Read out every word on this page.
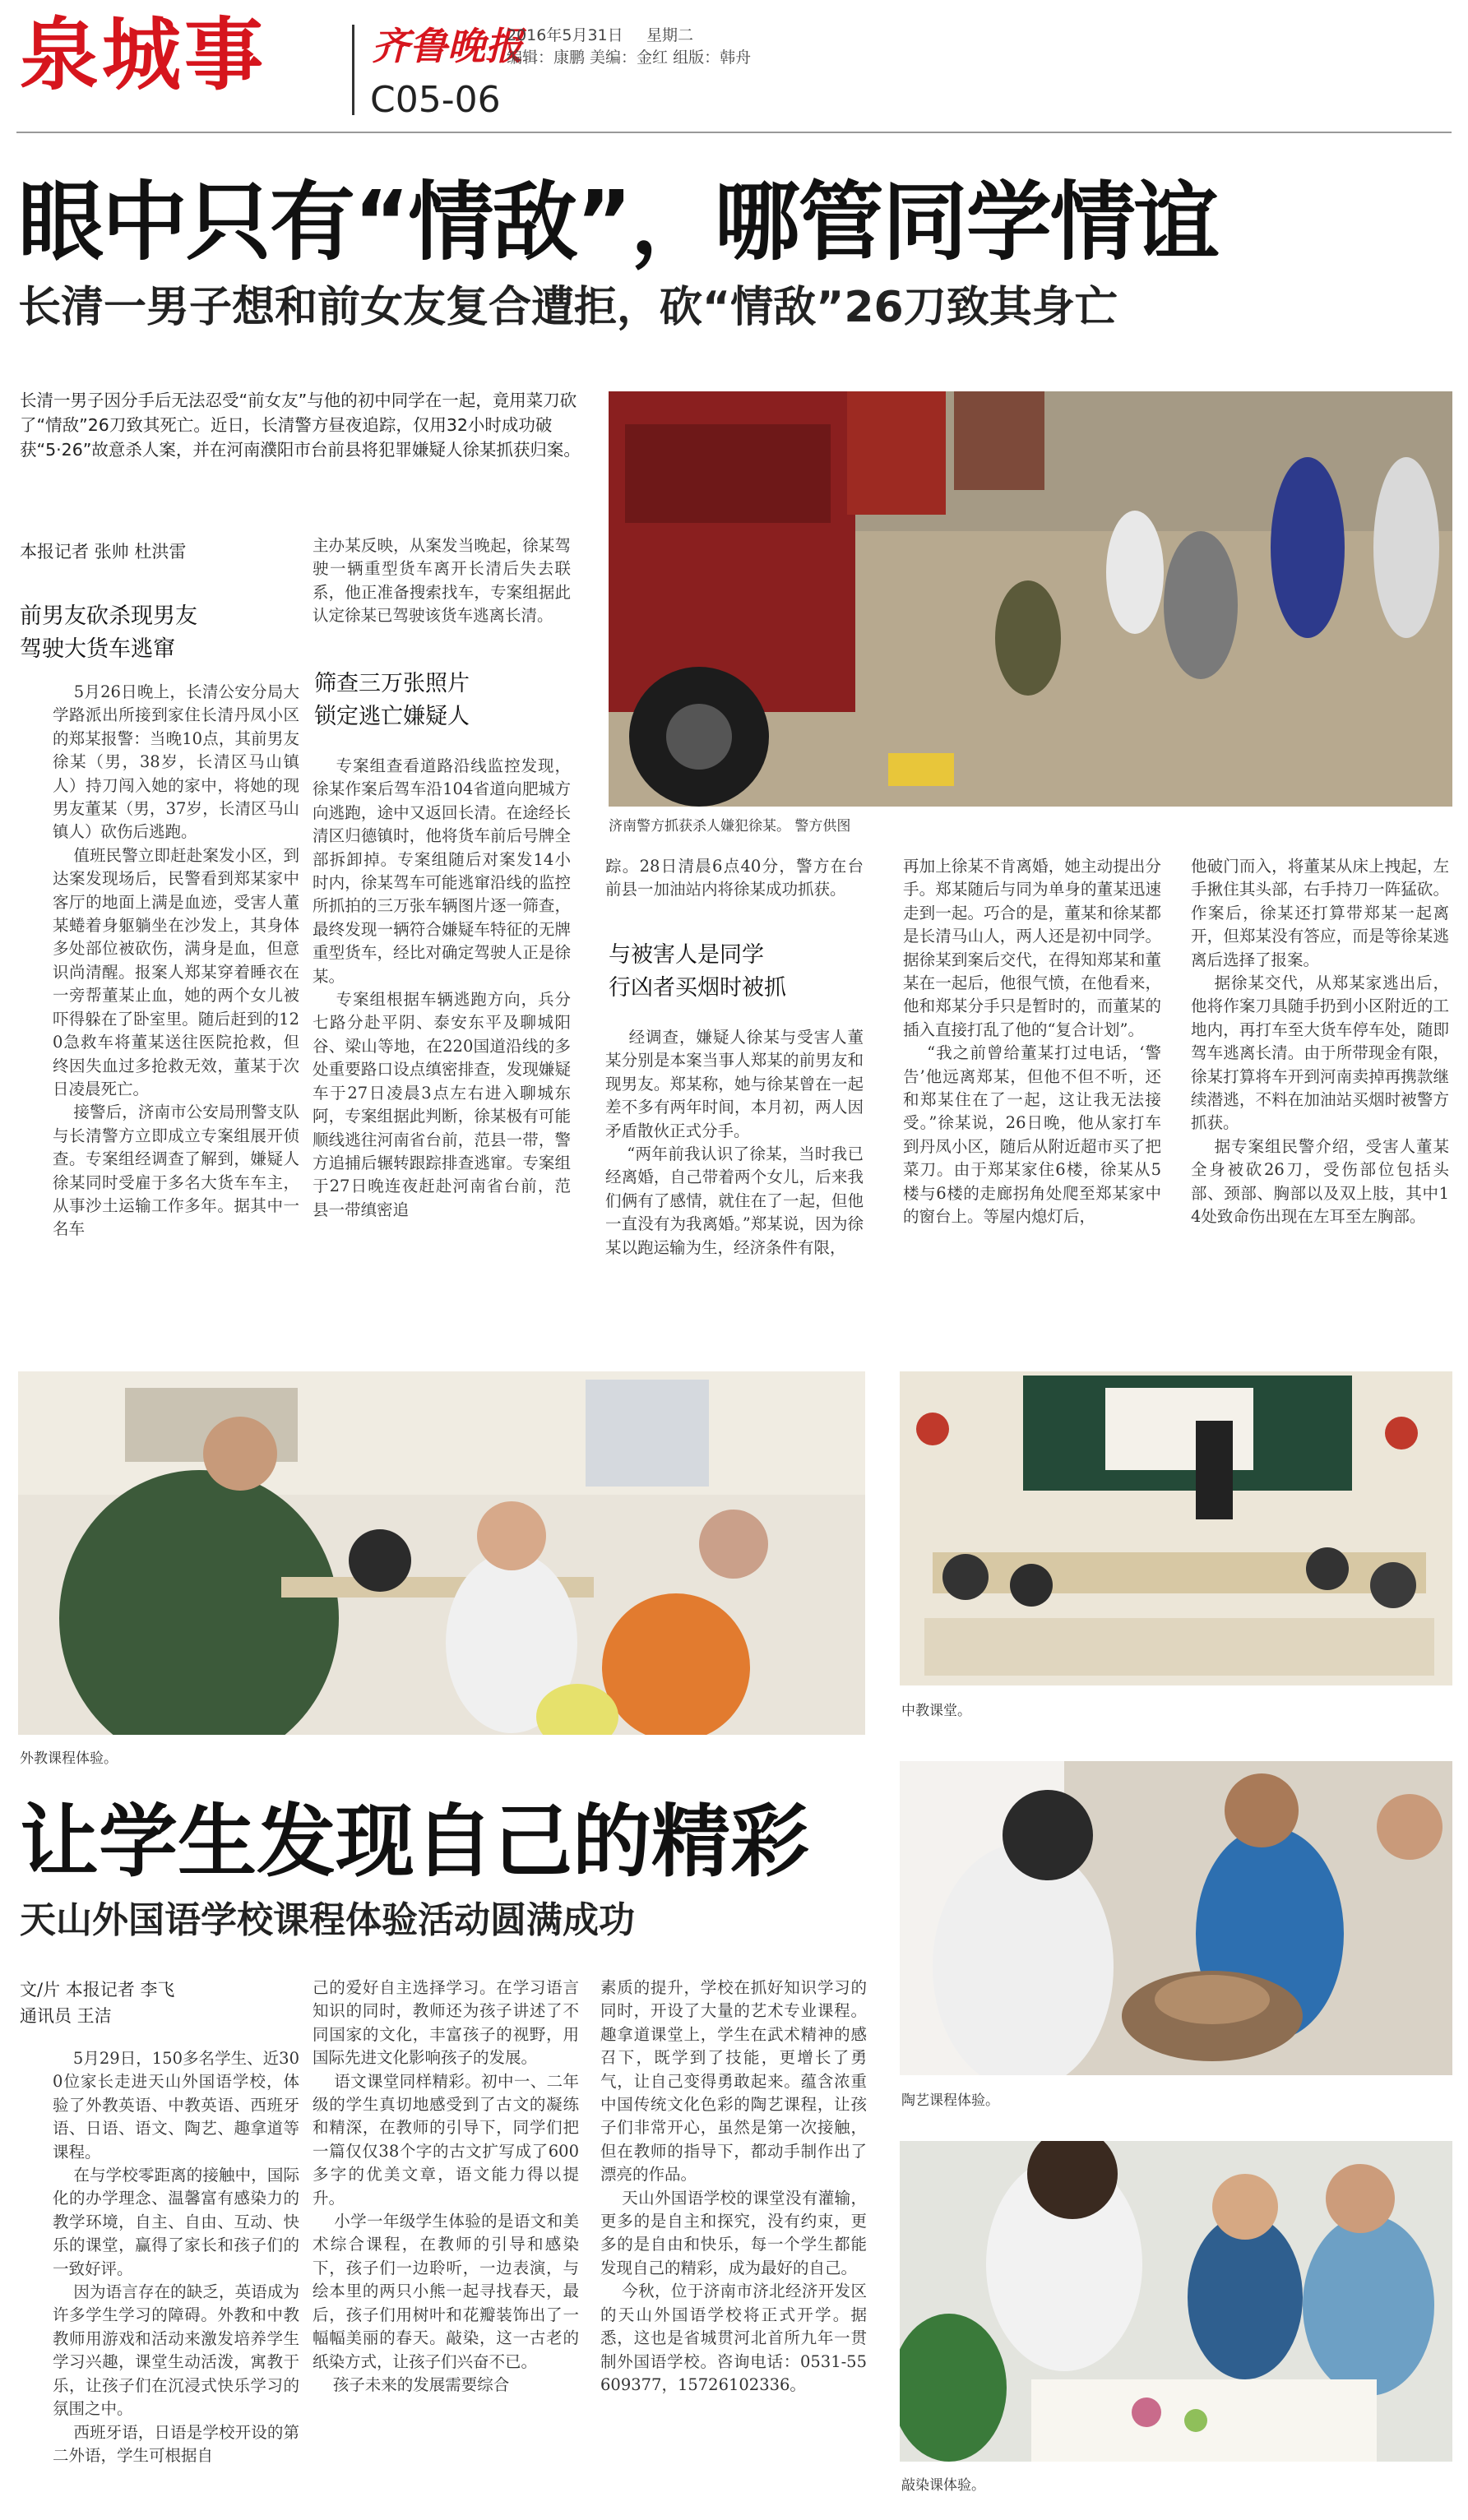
泉城事	齐鲁晚报
C05-06
2016年5月31日 星期二
编辑：康鹏 美编：金红 组版：韩舟
眼中只有“情敌”，哪管同学情谊
长清一男子想和前女友复合遭拒，砍“情敌”26刀致其身亡
长清一男子因分手后无法忍受“前女友”与他的初中同学在一起，竟用菜刀砍了“情敌”26刀致其死亡。近日，长清警方昼夜追踪，仅用32小时成功破获“5·26”故意杀人案，并在河南濮阳市台前县将犯罪嫌疑人徐某抓获归案。
济南警方抓获杀人嫌犯徐某。 警方供图
本报记者 张帅 杜洪雷
前男友砍杀现男友
驾驶大货车逃窜
5月26日晚上，长清公安分局大学路派出所接到家住长清丹凤小区的郑某报警：当晚10点，其前男友徐某（男，38岁，长清区马山镇人）持刀闯入她的家中，将她的现男友董某（男，37岁，长清区马山镇人）砍伤后逃跑。
值班民警立即赶赴案发小区，到达案发现场后，民警看到郑某家中客厅的地面上满是血迹，受害人董某蜷着身躯躺坐在沙发上，其身体多处部位被砍伤，满身是血，但意识尚清醒。报案人郑某穿着睡衣在一旁帮董某止血，她的两个女儿被吓得躲在了卧室里。随后赶到的120急救车将董某送往医院抢救，但终因失血过多抢救无效，董某于次日凌晨死亡。
接警后，济南市公安局刑警支队与长清警方立即成立专案组展开侦查。专案组经调查了解到，嫌疑人徐某同时受雇于多名大货车车主，从事沙土运输工作多年。据其中一名车
主办某反映，从案发当晚起，徐某驾驶一辆重型货车离开长清后失去联系，他正准备搜索找车，专案组据此认定徐某已驾驶该货车逃离长清。
筛查三万张照片
锁定逃亡嫌疑人
专案组查看道路沿线监控发现，徐某作案后驾车沿104省道向肥城方向逃跑，途中又返回长清。在途经长清区归德镇时，他将货车前后号牌全部拆卸掉。专案组随后对案发14小时内，徐某驾车可能逃窜沿线的监控所抓拍的三万张车辆图片逐一筛查，最终发现一辆符合嫌疑车特征的无牌重型货车，经比对确定驾驶人正是徐某。
专案组根据车辆逃跑方向，兵分七路分赴平阴、泰安东平及聊城阳谷、梁山等地，在220国道沿线的多处重要路口设点缜密排查，发现嫌疑车于27日凌晨3点左右进入聊城东阿，专案组据此判断，徐某极有可能顺线逃往河南省台前，范县一带，警方追捕后辗转跟踪排查逃窜。专案组于27日晚连夜赶赴河南省台前，范县一带缜密追
踪。28日清晨6点40分，警方在台前县一加油站内将徐某成功抓获。
与被害人是同学
行凶者买烟时被抓
经调查，嫌疑人徐某与受害人董某分别是本案当事人郑某的前男友和现男友。郑某称，她与徐某曾在一起差不多有两年时间，本月初，两人因矛盾散伙正式分手。
“两年前我认识了徐某，当时我已经离婚，自己带着两个女儿，后来我们俩有了感情，就住在了一起，但他一直没有为我离婚。”郑某说，因为徐某以跑运输为生，经济条件有限，
再加上徐某不肯离婚，她主动提出分手。郑某随后与同为单身的董某迅速走到一起。巧合的是，董某和徐某都是长清马山人，两人还是初中同学。据徐某到案后交代，在得知郑某和董某在一起后，他很气愤，在他看来，他和郑某分手只是暂时的，而董某的插入直接打乱了他的“复合计划”。
“我之前曾给董某打过电话，‘警告’他远离郑某，但他不但不听，还和郑某住在了一起，这让我无法接受。”徐某说，26日晚，他从家打车到丹凤小区，随后从附近超市买了把菜刀。由于郑某家住6楼，徐某从5楼与6楼的走廊拐角处爬至郑某家中的窗台上。等屋内熄灯后，
他破门而入，将董某从床上拽起，左手揪住其头部，右手持刀一阵猛砍。作案后，徐某还打算带郑某一起离开，但郑某没有答应，而是等徐某逃离后选择了报案。
据徐某交代，从郑某家逃出后，他将作案刀具随手扔到小区附近的工地内，再打车至大货车停车处，随即驾车逃离长清。由于所带现金有限，徐某打算将车开到河南卖掉再携款继续潜逃，不料在加油站买烟时被警方抓获。
据专案组民警介绍，受害人董某全身被砍26刀，受伤部位包括头部、颈部、胸部以及双上肢，其中14处致命伤出现在左耳至左胸部。
外教课程体验。
中教课堂。
陶艺课程体验。
敲染课体验。
让学生发现自己的精彩
天山外国语学校课程体验活动圆满成功
文/片 本报记者 李飞
通讯员 王洁
5月29日，150多名学生、近300位家长走进天山外国语学校，体验了外教英语、中教英语、西班牙语、日语、语文、陶艺、趣拿道等课程。
在与学校零距离的接触中，国际化的办学理念、温馨富有感染力的教学环境，自主、自由、互动、快乐的课堂，赢得了家长和孩子们的一致好评。
因为语言存在的缺乏，英语成为许多学生学习的障碍。外教和中教教师用游戏和活动来激发培养学生学习兴趣，课堂生动活泼，寓教于乐，让孩子们在沉浸式快乐学习的氛围之中。
西班牙语，日语是学校开设的第二外语，学生可根据自
己的爱好自主选择学习。在学习语言知识的同时，教师还为孩子讲述了不同国家的文化，丰富孩子的视野，用国际先进文化影响孩子的发展。
语文课堂同样精彩。初中一、二年级的学生真切地感受到了古文的凝练和精深，在教师的引导下，同学们把一篇仅仅38个字的古文扩写成了600多字的优美文章，语文能力得以提升。
小学一年级学生体验的是语文和美术综合课程，在教师的引导和感染下，孩子们一边聆听，一边表演，与绘本里的两只小熊一起寻找春天，最后，孩子们用树叶和花瓣装饰出了一幅幅美丽的春天。敲染，这一古老的纸染方式，让孩子们兴奋不已。
孩子未来的发展需要综合
素质的提升，学校在抓好知识学习的同时，开设了大量的艺术专业课程。趣拿道课堂上，学生在武术精神的感召下，既学到了技能，更增长了勇气，让自己变得勇敢起来。蕴含浓重中国传统文化色彩的陶艺课程，让孩子们非常开心，虽然是第一次接触，但在教师的指导下，都动手制作出了漂亮的作品。
天山外国语学校的课堂没有灌输，更多的是自主和探究，没有约束，更多的是自由和快乐，每一个学生都能发现自己的精彩，成为最好的自己。
今秋，位于济南市济北经济开发区的天山外国语学校将正式开学。据悉，这也是省城贯河北首所九年一贯制外国语学校。咨询电话：0531-55609377，15726102336。
